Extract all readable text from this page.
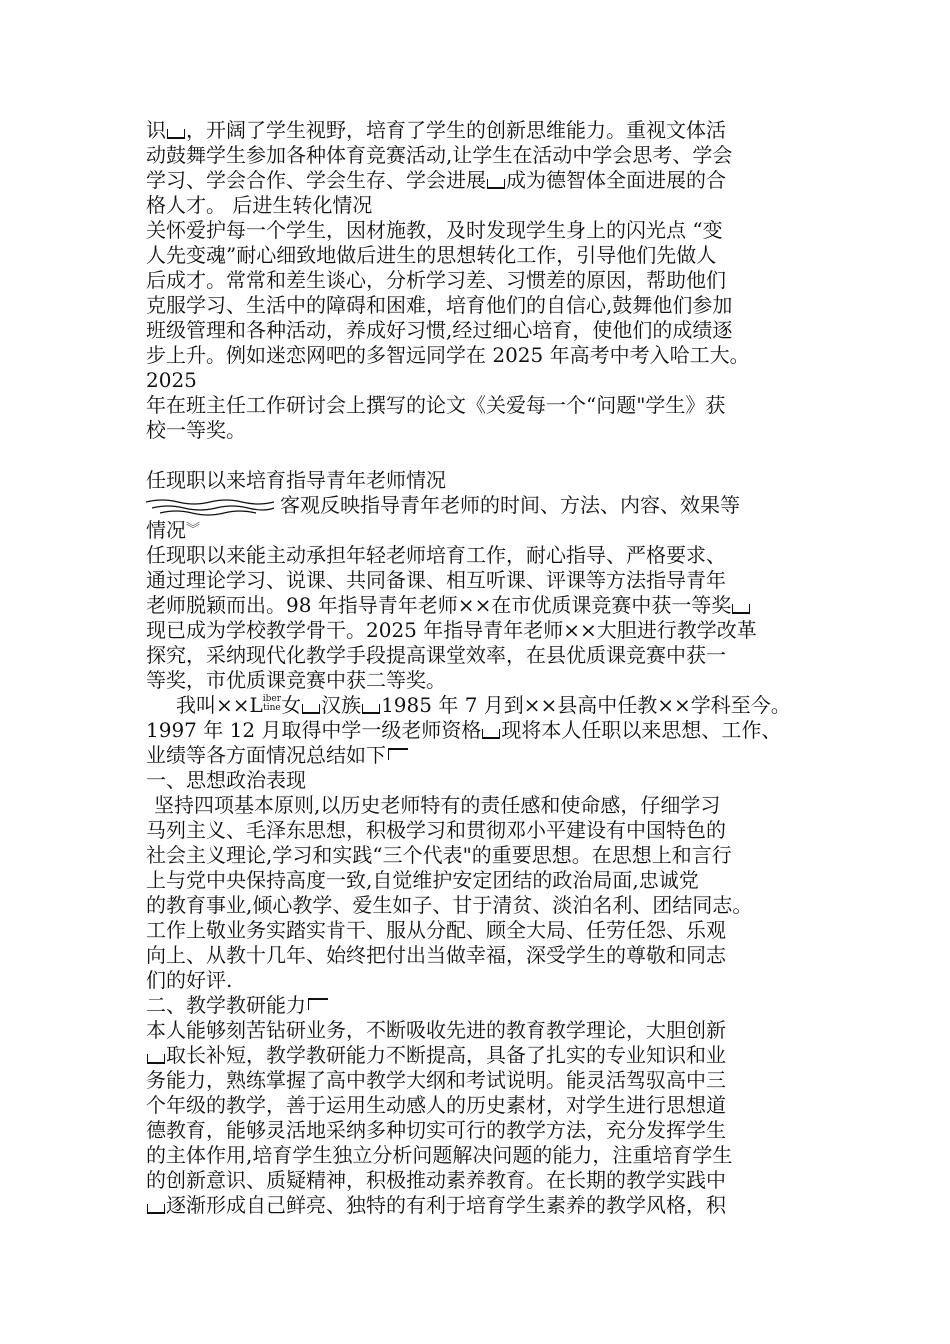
识 ，开阔了学生视野，培育了学生的创新思维能力。重视文体活
动鼓舞学生参加各种体育竞赛活动,让学生在活动中学会思考、学会
学习、学会合作、学会生存、学会进展 成为德智体全面进展的合
格人才。 后进生转化情况
关怀爱护每一个学生，因材施教，及时发现学生身上的闪光点 “变
人先变魂”耐心细致地做后进生的思想转化工作，引导他们先做人
后成才。常常和差生谈心，分析学习差、习惯差的原因，帮助他们
克服学习、生活中的障碍和困难，培育他们的自信心,鼓舞他们参加
班级管理和各种活动，养成好习惯,经过细心培育，使他们的成绩逐
步上升。例如迷恋网吧的多智远同学在 2025 年高考中考入哈工大。
2025
年在班主任工作研讨会上撰写的论文《关爱每一个“问题"学生》获
校一等奖。
任现职以来培育指导青年老师情况
客观反映指导青年老师的时间、方法、内容、效果等
情况︾
任现职以来能主动承担年轻老师培育工作，耐心指导、严格要求、
通过理论学习、说课、共同备课、相互听课、评课等方法指导青年
老师脱颖而出。98 年指导青年老师××在市优质课竞赛中获一等奖
现已成为学校教学骨干。2025 年指导青年老师××大胆进行教学改革
探究，采纳现代化教学手段提高课堂效率，在县优质课竞赛中获一
等奖，市优质课竞赛中获二等奖。
我叫××Liber
tine女 汉族 1985 年 7 月到××县高中任教××学科至今。
1997 年 12 月取得中学一级老师资格 现将本人任职以来思想、工作、
业绩等各方面情况总结如下
一、思想政治表现
坚持四项基本原则,以历史老师特有的责任感和使命感，仔细学习
马列主义、毛泽东思想，积极学习和贯彻邓小平建设有中国特色的
社会主义理论,学习和实践“三个代表"的重要思想。在思想上和言行
上与党中央保持高度一致,自觉维护安定团结的政治局面,忠诚党
的教育事业,倾心教学、爱生如子、甘于清贫、淡泊名利、团结同志。
工作上敬业务实踏实肯干、服从分配、顾全大局、任劳任怨、乐观
向上、从教十几年、始终把付出当做幸福，深受学生的尊敬和同志
们的好评.
二、教学教研能力
本人能够刻苦钻研业务，不断吸收先进的教育教学理论，大胆创新
取长补短，教学教研能力不断提高，具备了扎实的专业知识和业
务能力，熟练掌握了高中教学大纲和考试说明。能灵活驾驭高中三
个年级的教学，善于运用生动感人的历史素材，对学生进行思想道
德教育，能够灵活地采纳多种切实可行的教学方法，充分发挥学生
的主体作用,培育学生独立分析问题解决问题的能力，注重培育学生
的创新意识、质疑精神，积极推动素养教育。在长期的教学实践中
逐渐形成自己鲜亮、独特的有利于培育学生素养的教学风格，积
